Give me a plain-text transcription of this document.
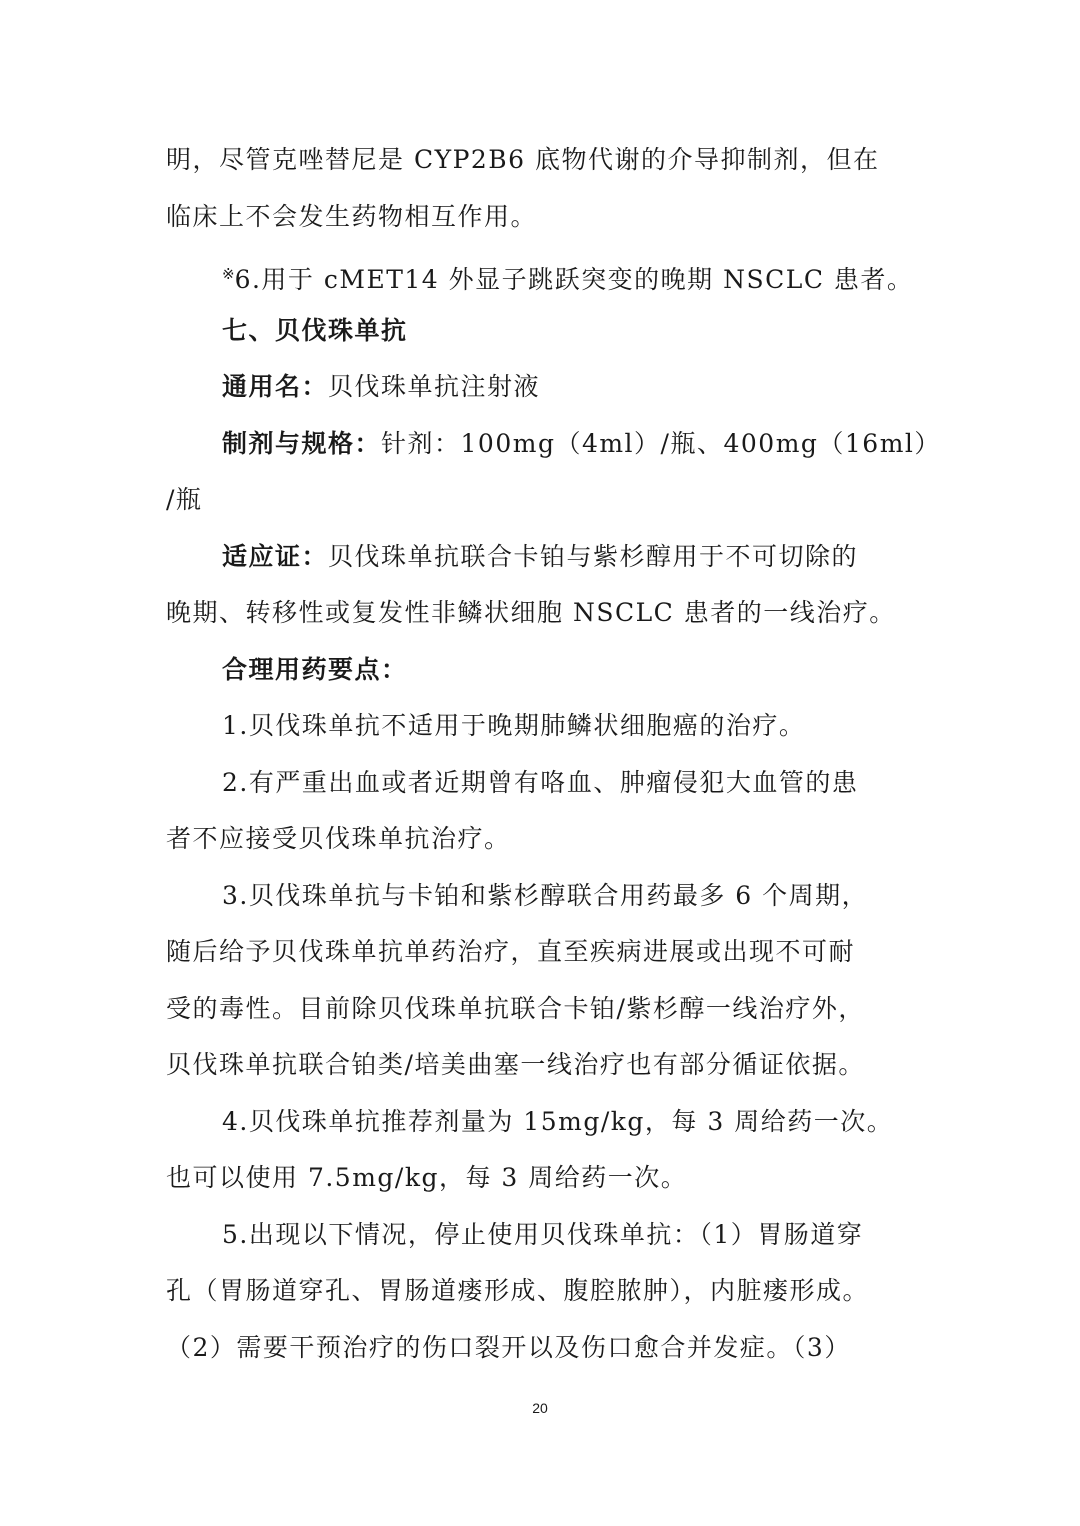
明，尽管克唑替尼是 CYP2B6 底物代谢的介导抑制剂，但在
临床上不会发生药物相互作用。
※6.用于 cMET14 外显子跳跃突变的晚期 NSCLC 患者。
七、贝伐珠单抗
通用名：贝伐珠单抗注射液
制剂与规格：针剂：100mg（4ml）/瓶、400mg（16ml）
/瓶
适应证：贝伐珠单抗联合卡铂与紫杉醇用于不可切除的
晚期、转移性或复发性非鳞状细胞 NSCLC 患者的一线治疗。
合理用药要点：
1.贝伐珠单抗不适用于晚期肺鳞状细胞癌的治疗。
2.有严重出血或者近期曾有咯血、肿瘤侵犯大血管的患
者不应接受贝伐珠单抗治疗。
3.贝伐珠单抗与卡铂和紫杉醇联合用药最多 6 个周期，
随后给予贝伐珠单抗单药治疗，直至疾病进展或出现不可耐
受的毒性。目前除贝伐珠单抗联合卡铂/紫杉醇一线治疗外，
贝伐珠单抗联合铂类/培美曲塞一线治疗也有部分循证依据。
4.贝伐珠单抗推荐剂量为 15mg/kg，每 3 周给药一次。
也可以使用 7.5mg/kg，每 3 周给药一次。
5.出现以下情况，停止使用贝伐珠单抗：（1）胃肠道穿
孔（胃肠道穿孔、胃肠道瘘形成、腹腔脓肿），内脏瘘形成。
（2）需要干预治疗的伤口裂开以及伤口愈合并发症。（3）
20
